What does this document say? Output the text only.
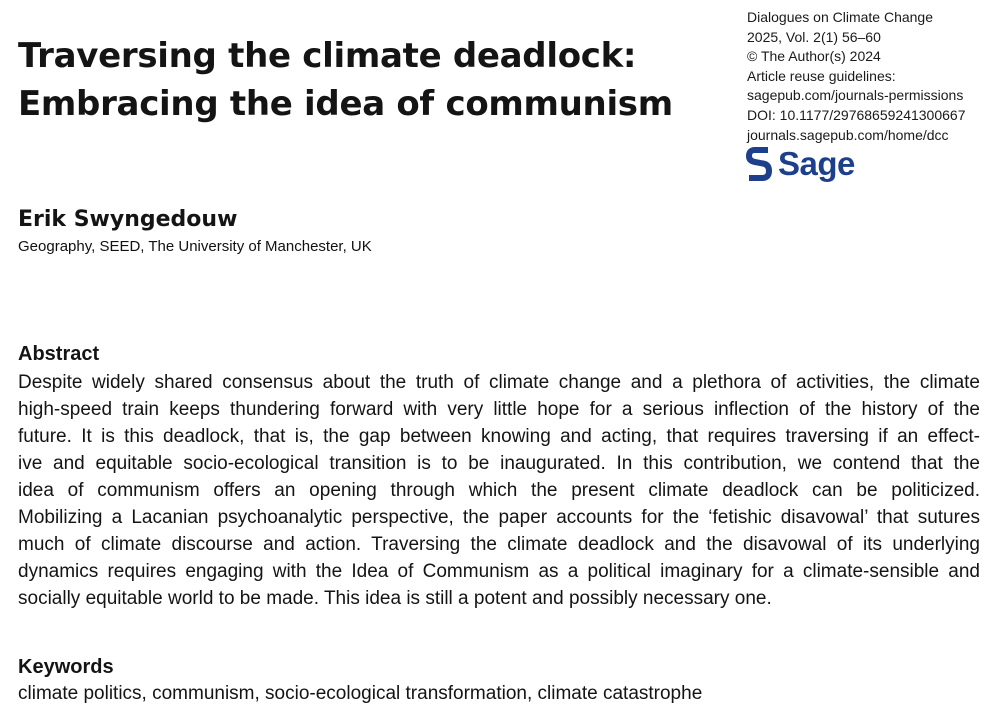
Traversing the climate deadlock:
Embracing the idea of communism
Dialogues on Climate Change
2025, Vol. 2(1) 56–60
© The Author(s) 2024
Article reuse guidelines:
sagepub.com/journals-permissions
DOI: 10.1177/29768659241300667
journals.sagepub.com/home/dcc
Sage
Erik Swyngedouw
Geography, SEED, The University of Manchester, UK
Abstract
Despite widely shared consensus about the truth of climate change and a plethora of activities, the climate
high-speed train keeps thundering forward with very little hope for a serious inflection of the history of the
future. It is this deadlock, that is, the gap between knowing and acting, that requires traversing if an effect-
ive and equitable socio-ecological transition is to be inaugurated. In this contribution, we contend that the
idea of communism offers an opening through which the present climate deadlock can be politicized.
Mobilizing a Lacanian psychoanalytic perspective, the paper accounts for the ‘fetishic disavowal’ that sutures
much of climate discourse and action. Traversing the climate deadlock and the disavowal of its underlying
dynamics requires engaging with the Idea of Communism as a political imaginary for a climate-sensible and
socially equitable world to be made. This idea is still a potent and possibly necessary one.
Keywords
climate politics, communism, socio-ecological transformation, climate catastrophe
